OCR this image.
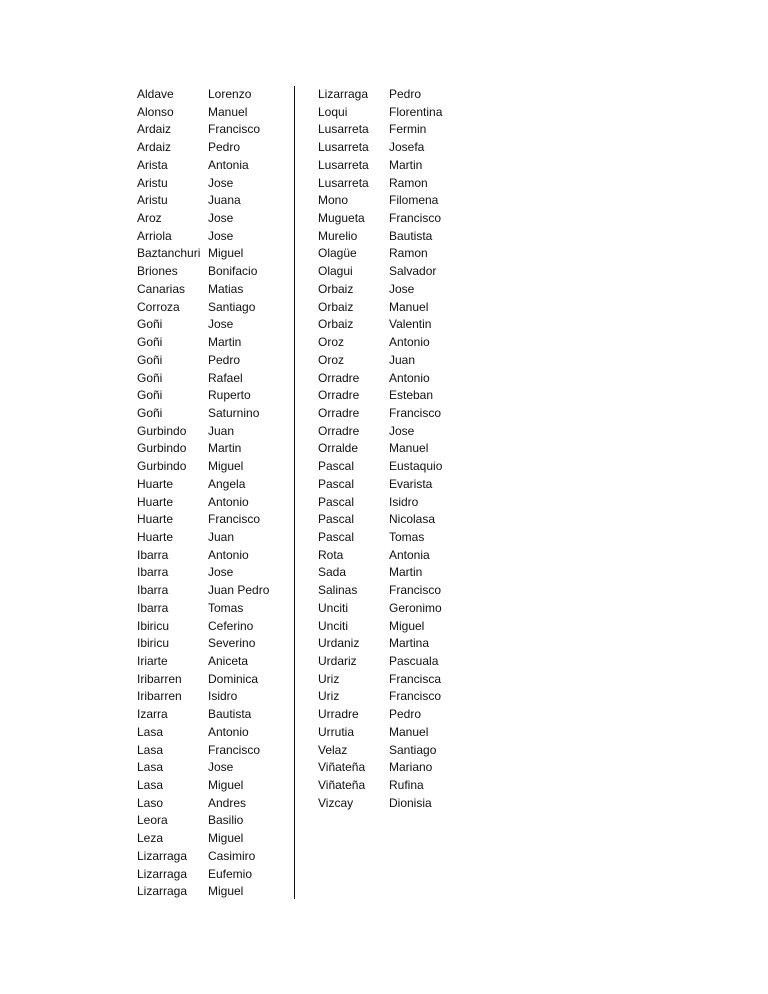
Aldave	Lorenzo
Alonso	Manuel
Ardaiz	Francisco
Ardaiz	Pedro
Arista	Antonia
Aristu	Jose
Aristu	Juana
Aroz	Jose
Arriola	Jose
Baztanchuri Miguel
Briones	Bonifacio
Canarias Matias
Corroza Santiago
Goñi	Jose
Goñi	Martin
Goñi	Pedro
Goñi	Rafael
Goñi	Ruperto
Goñi	Saturnino
Gurbindo Juan
Gurbindo Martin
Gurbindo Miguel
Huarte	Angela
Huarte	Antonio
Huarte	Francisco
Huarte	Juan
Ibarra	Antonio
Ibarra	Jose
Ibarra	Juan Pedro
Ibarra	Tomas
Ibiricu	Ceferino
Ibiricu	Severino
Iriarte	Aniceta
Iribarren Dominica
Iribarren Isidro
Izarra	Bautista
Lasa	Antonio
Lasa	Francisco
Lasa	Jose
Lasa	Miguel
Laso	Andres
Leora	Basilio
Leza	Miguel
Lizarraga Casimiro
Lizarraga Eufemio
Lizarraga Miguel
Lizarraga Pedro
Loqui	Florentina
Lusarreta Fermin
Lusarreta Josefa
Lusarreta Martin
Lusarreta Ramon
Mono	Filomena
Mugueta Francisco
Murelio	Bautista
Olagüe	Ramon
Olagui	Salvador
Orbaiz	Jose
Orbaiz	Manuel
Orbaiz	Valentin
Oroz	Antonio
Oroz	Juan
Orradre Antonio
Orradre Esteban
Orradre Francisco
Orradre Jose
Orralde	Manuel
Pascal	Eustaquio
Pascal	Evarista
Pascal	Isidro
Pascal	Nicolasa
Pascal	Tomas
Rota	Antonia
Sada	Martin
Salinas	Francisco
Unciti	Geronimo
Unciti	Miguel
Urdaniz Martina
Urdariz	Pascuala
Uriz	Francisca
Uriz	Francisco
Urradre	Pedro
Urrutia	Manuel
Velaz	Santiago
Viñateña Mariano
Viñateña Rufina
Vizcay	Dionisia
